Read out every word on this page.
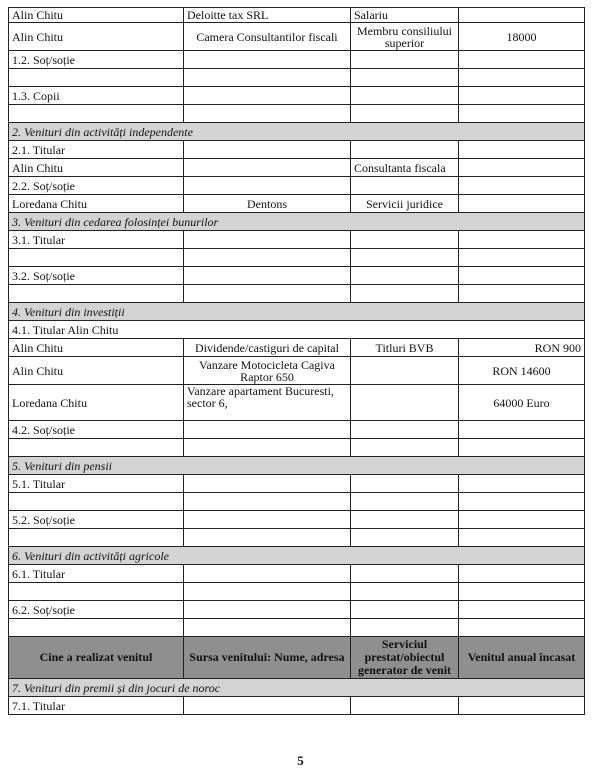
Alin Chitu	Deloitte tax SRL	Salariu	
Alin Chitu	Camera Consultantilor fiscali	Membru consiliului superior	18000
1.2. Soț/soție			

1.3. Copii			

2. Venituri din activități independente			
2.1. Titular			
Alin Chitu		Consultanta fiscala	
2.2. Soț/soție			
Loredana Chitu	Dentons	Servicii juridice	
3. Venituri din cedarea folosinței bunurilor			
3.1. Titular			

3.2. Soț/soție			

4. Venituri din investiții			
4.1. Titular Alin Chitu			
Alin Chitu	Dividende/castiguri de capital	Titluri BVB	RON 900
Alin Chitu	Vanzare Motocicleta Cagiva Raptor 650		RON 14600
Loredana Chitu	Vanzare apartament Bucuresti, sector 6,		64000 Euro
4.2. Soț/soție			

5. Venituri din pensii			
5.1. Titular			

5.2. Soț/soție			

6. Venituri din activități agricole			
6.1. Titular			

6.2. Soț/soție			

Cine a realizat venitul	Sursa venitului: Nume, adresa	Serviciul prestat/obiectul generator de venit	Venitul anual încasat
7. Venituri din premii și din jocuri de noroc			
7.1. Titular			
5
